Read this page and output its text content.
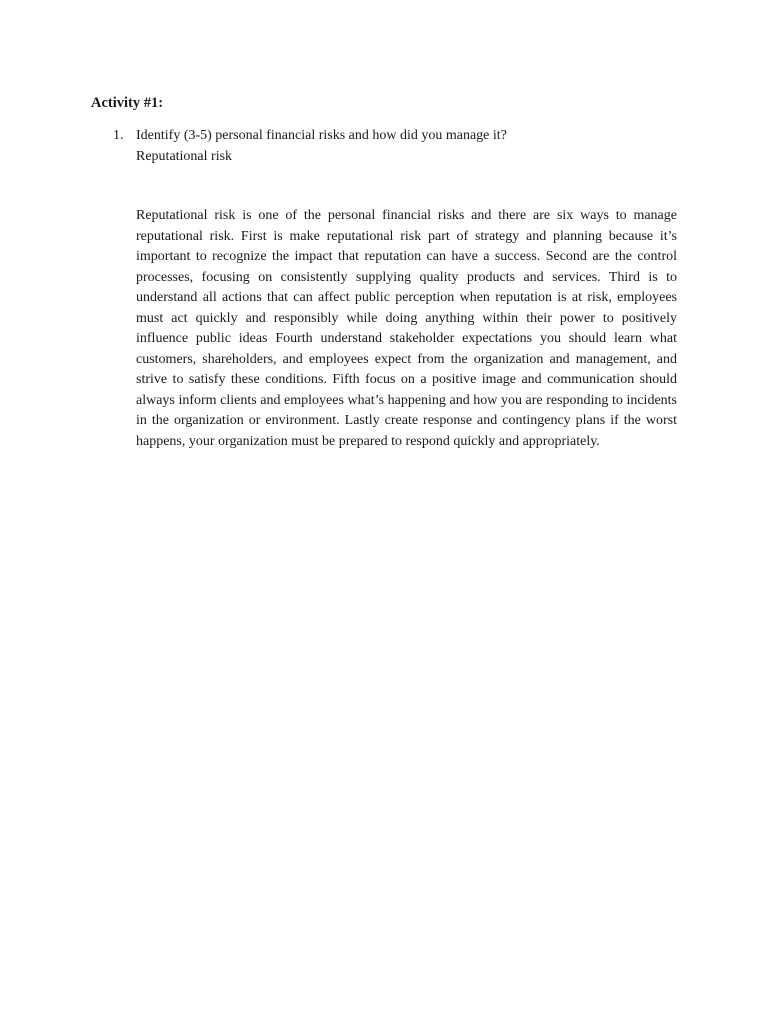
Activity #1:
1. Identify (3-5) personal financial risks and how did you manage it?
Reputational risk

Reputational risk is one of the personal financial risks and there are six ways to manage reputational risk. First is make reputational risk part of strategy and planning because it’s important to recognize the impact that reputation can have a success. Second are the control processes, focusing on consistently supplying quality products and services. Third is to understand all actions that can affect public perception when reputation is at risk, employees must act quickly and responsibly while doing anything within their power to positively influence public ideas Fourth understand stakeholder expectations you should learn what customers, shareholders, and employees expect from the organization and management, and strive to satisfy these conditions. Fifth focus on a positive image and communication should always inform clients and employees what’s happening and how you are responding to incidents in the organization or environment. Lastly create response and contingency plans if the worst happens, your organization must be prepared to respond quickly and appropriately.
